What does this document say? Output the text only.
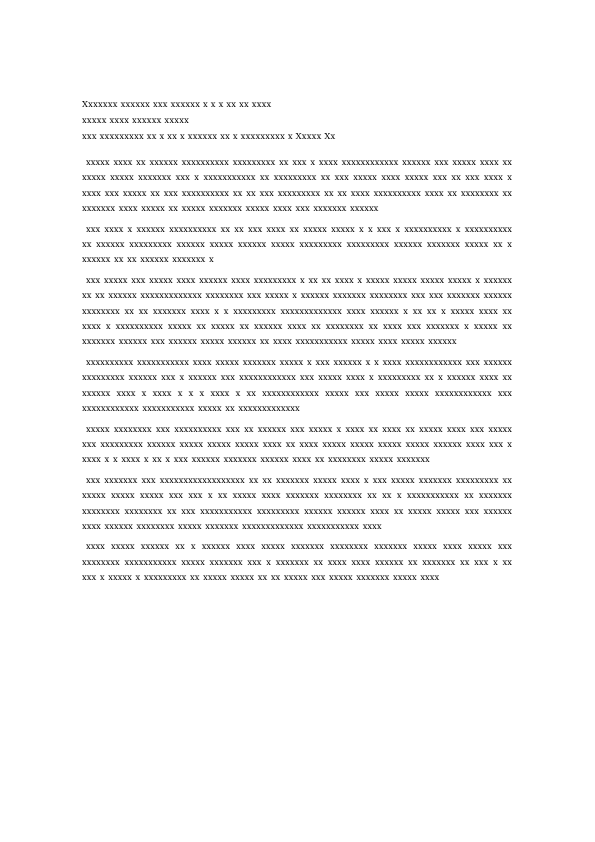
Xxxxxxx xxxxxx xxx xxxxxx x x x xx xx xxxx
xxxxx xxxx xxxxxx xxxxx
xxx xxxxxxxxx xx x xx x xxxxxx xx x xxxxxxxxx x Xxxxx Xx

xxxxx xxxx xx xxxxxx xxxxxxxxxx xxxxxxxxx xx xxx x xxxx xxxxxxxxxxxx xxxxxx xxx xxxxx xxxx xx xxxxx xxxxx xxxxxxx xxx x xxxxxxxxxxx xx xxxxxxxxx xx xxx xxxxx xxxx xxxxx xxx xx xxx xxxx x xxxx xxx xxxxx xx xxx xxxxxxxxxx xx xx xxx xxxxxxxxx xx xx xxxx xxxxxxxxxx xxxx xx xxxxxxxx xx xxxxxxx xxxx xxxxx xx xxxxx xxxxxxx xxxxx xxxx xxx xxxxxxx xxxxxx

xxx xxxx x xxxxxx xxxxxxxxxx xx xx xxx xxxx xx xxxxx xxxxx x x xxx x xxxxxxxxxx x xxxxxxxxxx xx xxxxxx xxxxxxxxx xxxxxx xxxxx xxxxxx xxxxx xxxxxxxxx xxxxxxxxx xxxxxx xxxxxxx xxxxx xx x xxxxxx xx xx xxxxxx xxxxxxx x

xxx xxxxx xxx xxxxx xxxx xxxxxx xxxx xxxxxxxxx x xx xx xxxx x xxxxx xxxxx xxxxx xxxxx x xxxxxx xx xx xxxxxx xxxxxxxxxxxxx xxxxxxxx xxx xxxxx x xxxxxx xxxxxxx xxxxxxxx xxx xxx xxxxxxx xxxxxx xxxxxxxx xx xx xxxxxxx xxxx x x xxxxxxxxx xxxxxxxxxxxxx xxxx xxxxxx x xx xx x xxxxx xxxx xx xxxx x xxxxxxxxxx xxxxx xx xxxxx xx xxxxxx xxxx xx xxxxxxxx xx xxxx xxx xxxxxxx x xxxxx xx xxxxxxx xxxxxx xxx xxxxxx xxxxx xxxxxx xx xxxx xxxxxxxxxxx xxxxx xxxx xxxxx xxxxxx

xxxxxxxxxx xxxxxxxxxxx xxxx xxxxx xxxxxxx xxxxx x xxx xxxxxx x x xxxx xxxxxxxxxxxx xxx xxxxxx xxxxxxxxx xxxxxx xxx x xxxxxx xxx xxxxxxxxxxxx xxx xxxxx xxxx x xxxxxxxxx xx x xxxxxx xxxx xx xxxxxx xxxx x xxxx x x x xxxx x xx xxxxxxxxxxxx xxxxx xxx xxxxx xxxxx xxxxxxxxxxxx xxx xxxxxxxxxxxx xxxxxxxxxxx xxxxx xx xxxxxxxxxxxxx

xxxxx xxxxxxxx xxx xxxxxxxxxx xxx xx xxxxxx xxx xxxxx x xxxx xx xxxx xx xxxxx xxxx xxx xxxxx xxx xxxxxxxxx xxxxxx xxxxx xxxxx xxxxx xxxx xx xxxx xxxxx xxxxx xxxxx xxxxx xxxxxx xxxx xxx x xxxx x x xxxx x xx x xxx xxxxxx xxxxxxx xxxxxx xxxx xx xxxxxxxx xxxxx xxxxxxx

xxx xxxxxxx xxx xxxxxxxxxxxxxxxxxx xx xx xxxxxxx xxxxx xxxx x xxx xxxxx xxxxxxx xxxxxxxxx xx xxxxx xxxxx xxxxx xxx xxx x xx xxxxx xxxx xxxxxxx xxxxxxxx xx xx x xxxxxxxxxxx xx xxxxxxx xxxxxxxx xxxxxxxx xx xxx xxxxxxxxxxx xxxxxxxxx xxxxxx xxxxxx xxxx xx xxxxx xxxxx xxx xxxxxx xxxx xxxxxx xxxxxxxx xxxxx xxxxxxx xxxxxxxxxxxxx xxxxxxxxxxx xxxx

xxxx xxxxx xxxxxx xx x xxxxxx xxxx xxxxx xxxxxxx xxxxxxxx xxxxxxx xxxxx xxxx xxxxx xxx xxxxxxxx xxxxxxxxxxx xxxxx xxxxxxx xxx x xxxxxxx xx xxxx xxxx xxxxxx xx xxxxxxx xx xxx x xx xxx x xxxxx x xxxxxxxxx xx xxxxx xxxxx xx xx xxxxx xxx xxxxx xxxxxxx xxxxx xxxx
